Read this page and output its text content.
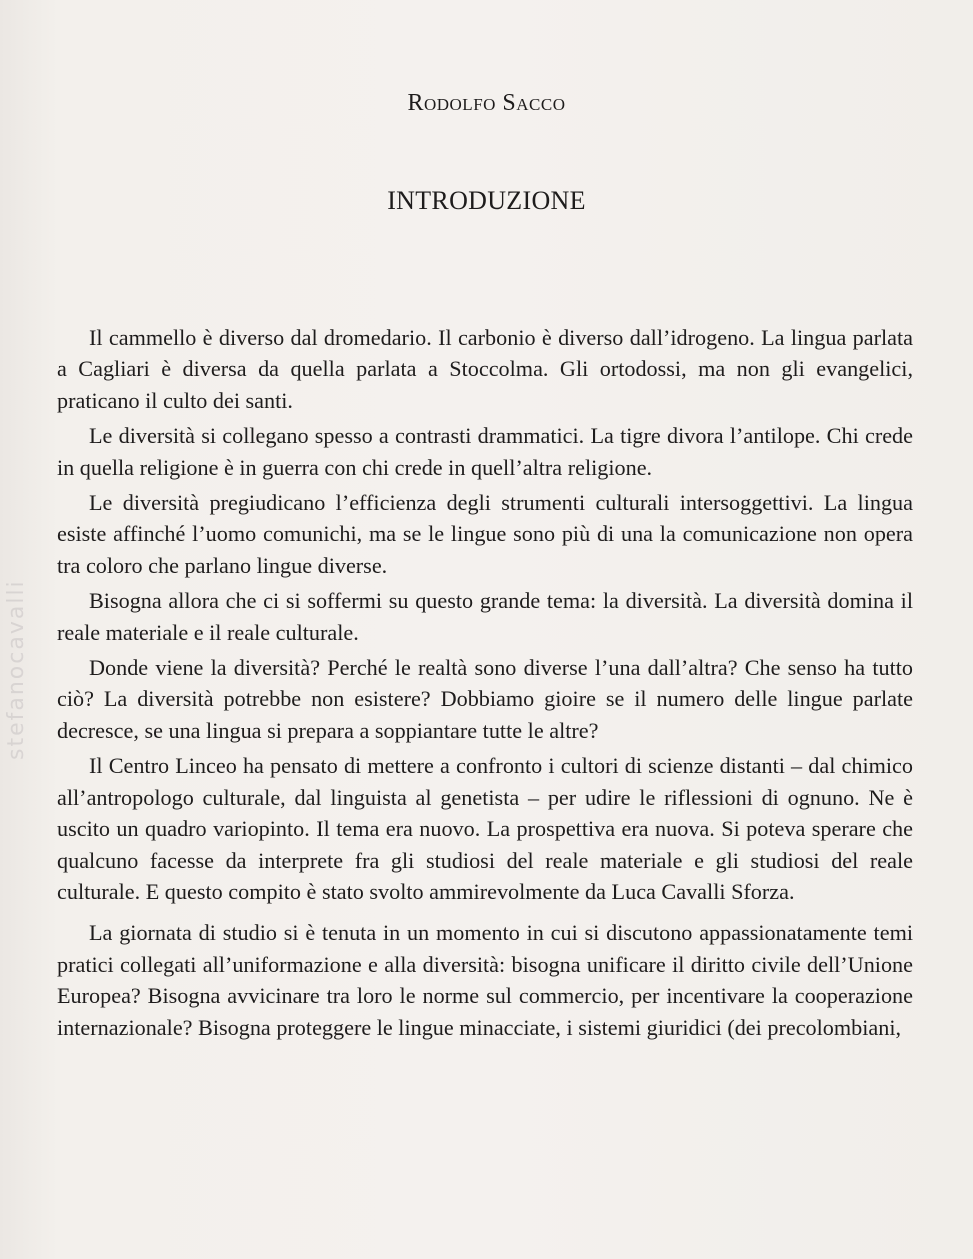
stefanocavalli
Rodolfo Sacco
INTRODUZIONE

Il cammello è diverso dal dromedario. Il carbonio è diverso dall’idrogeno. La lingua parlata a Cagliari è diversa da quella parlata a Stoccolma. Gli ortodossi, ma non gli evangelici, praticano il culto dei santi.

Le diversità si collegano spesso a contrasti drammatici. La tigre divora l’antilope. Chi crede in quella religione è in guerra con chi crede in quell’altra religione.

Le diversità pregiudicano l’efficienza degli strumenti culturali intersoggettivi. La lingua esiste affinché l’uomo comunichi, ma se le lingue sono più di una la comunicazione non opera tra coloro che parlano lingue diverse.

Bisogna allora che ci si soffermi su questo grande tema: la diversità. La diversità domina il reale materiale e il reale culturale.

Donde viene la diversità? Perché le realtà sono diverse l’una dall’altra? Che senso ha tutto ciò? La diversità potrebbe non esistere? Dobbiamo gioire se il numero delle lingue parlate decresce, se una lingua si prepara a soppiantare tutte le altre?

Il Centro Linceo ha pensato di mettere a confronto i cultori di scienze distanti – dal chimico all’antropologo culturale, dal linguista al genetista – per udire le riflessioni di ognuno. Ne è uscito un quadro variopinto. Il tema era nuovo. La prospettiva era nuova. Si poteva sperare che qualcuno facesse da interprete fra gli studiosi del reale materiale e gli studiosi del reale culturale. E questo compito è stato svolto ammirevolmente da Luca Cavalli Sforza.

La giornata di studio si è tenuta in un momento in cui si discutono appassionatamente temi pratici collegati all’uniformazione e alla diversità: bisogna unificare il diritto civile dell’Unione Europea? Bisogna avvicinare tra loro le norme sul commercio, per incentivare la cooperazione internazionale? Bisogna proteggere le lingue minacciate, i sistemi giuridici (dei precolombiani,
